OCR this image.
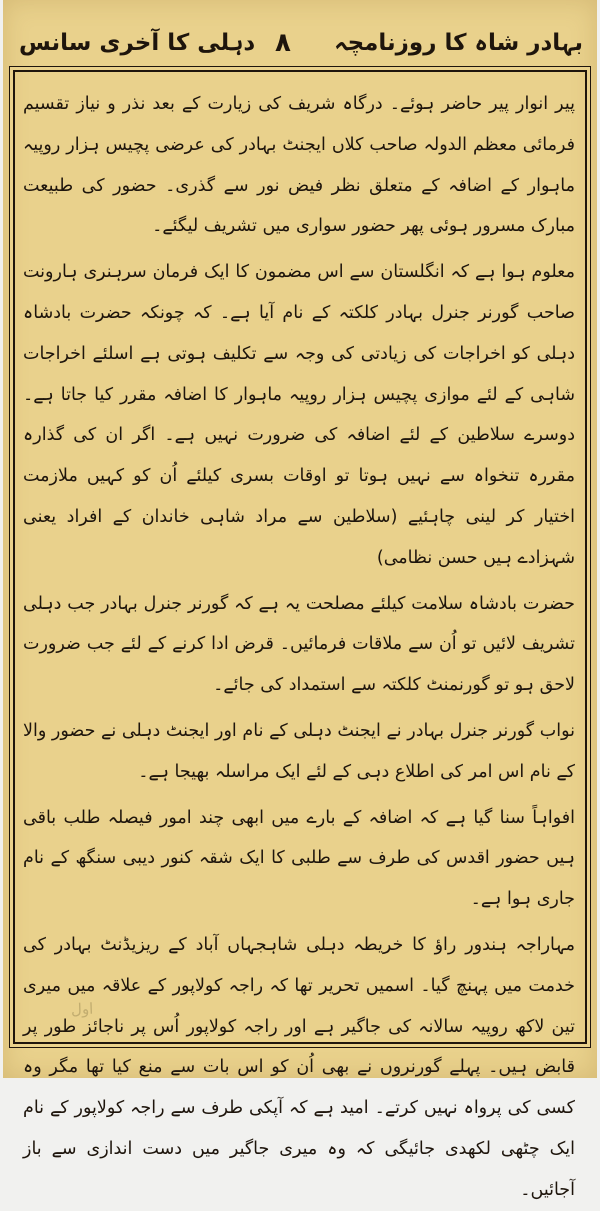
بہادر شاہ کا روزنامچہ
۸
دہلی کا آخری سانس

پیر انوار پیر حاضر ہوئے۔ درگاہ شریف کی زیارت کے بعد نذر و نیاز تقسیم فرمائی معظم الدولہ صاحب کلاں ایجنٹ بہادر کی عرضی پچیس ہزار روپیہ ماہوار کے اضافہ کے متعلق نظر فیض نور سے گذری۔ حضور کی طبیعت مبارک مسرور ہوئی پھر حضور سواری میں تشریف لیگئے۔

معلوم ہوا ہے کہ انگلستان سے اس مضمون کا ایک فرمان سرہنری ہارونت صاحب گورنر جنرل بہادر کلکتہ کے نام آیا ہے۔ کہ چونکہ حضرت بادشاہ دہلی کو اخراجات کی زیادتی کی وجہ سے تکلیف ہوتی ہے اسلئے اخراجات شاہی کے لئے موازی پچیس ہزار روپیہ ماہوار کا اضافہ مقرر کیا جاتا ہے۔ دوسرے سلاطین کے لئے اضافہ کی ضرورت نہیں ہے۔ اگر ان کی گذارہ مقررہ تنخواہ سے نہیں ہوتا تو اوقات بسری کیلئے اُن کو کہیں ملازمت اختیار کر لینی چاہئیے (سلاطین سے مراد شاہی خاندان کے افراد یعنی شہزادے ہیں حسن نظامی)

حضرت بادشاہ سلامت کیلئے مصلحت یہ ہے کہ گورنر جنرل بہادر جب دہلی تشریف لائیں تو اُن سے ملاقات فرمائیں۔ قرض ادا کرنے کے لئے جب ضرورت لاحق ہو تو گورنمنٹ کلکتہ سے استمداد کی جائے۔

نواب گورنر جنرل بہادر نے ایجنٹ دہلی کے نام اور ایجنٹ دہلی نے حضور والا کے نام اس امر کی اطلاع دہی کے لئے ایک مراسلہ بھیجا ہے۔

افواہاً سنا گیا ہے کہ اضافہ کے بارے میں ابھی چند امور فیصلہ طلب باقی ہیں حضور اقدس کی طرف سے طلبی کا ایک شقہ کنور دیبی سنگھ کے نام جاری ہوا ہے۔

مہاراجہ ہندور راؤ کا خریطہ دہلی شاہجہاں آباد کے ریزیڈنٹ بہادر کی خدمت میں پہنچ گیا۔ اسمیں تحریر تھا کہ راجہ کولاپور کے علاقہ میں میری تین لاکھ روپیہ سالانہ کی جاگیر ہے اور راجہ کولاپور اُس پر ناجائز طور پر قابض ہیں۔ پہلے گورنروں نے بھی اُن کو اس بات سے منع کیا تھا مگر وہ کسی کی پرواہ نہیں کرتے۔ امید ہے کہ آپکی طرف سے راجہ کولاپور کے نام ایک چٹھی لکھدی جائیگی کہ وہ میری جاگیر میں دست اندازی سے باز آجائیں۔

اول
